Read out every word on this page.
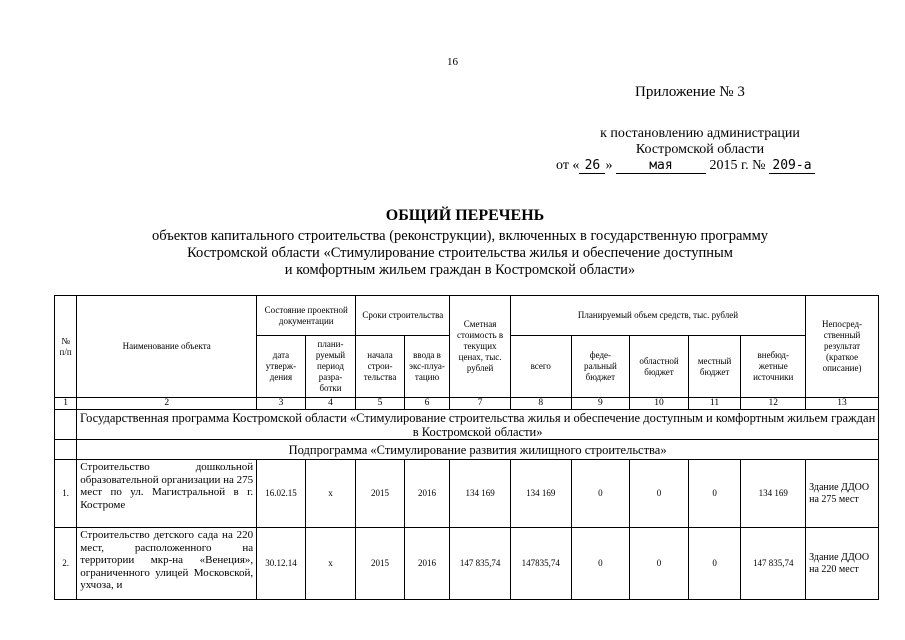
16
Приложение № 3
к постановлению администрации
Костромской области
от « 26 »	мая	2015 г. № 209-а
ОБЩИЙ ПЕРЕЧЕНЬ
объектов капитального строительства (реконструкции), включенных в государственную программу
Костромской области «Стимулирование строительства жилья и обеспечение доступным
и комфортным жильем граждан в Костромской области»
№ п/п	Наименование объекта	Состояние проектной документации		Сроки строительства		Сметная стоимость в текущих ценах, тыс. рублей	Планируемый объем средств, тыс. рублей					Непосред-ственный результат (краткое описание)
		дата утверж-дения	плани-руемый период разра-ботки	начала строи-тельства	ввода в экс-плуа-тацию		всего	феде-ральный бюджет	областной бюджет	местный бюджет	внебюд-жетные источники	
1	2	3	4	5	6	7	8	9	10	11	12	13
	Государственная программа Костромской области «Стимулирование строительства жилья и обеспечение доступным и комфортным жильем граждан в Костромской области»											
	Подпрограмма «Стимулирование развития жилищного строительства»											
1.	Строительство дошкольной образовательной организации на 275 мест по ул. Магистральной в г. Костроме	16.02.15	х	2015	2016	134 169	134 169	0	0	0	134 169	Здание ДДОО на 275 мест
2.	Строительство детского сада на 220 мест, расположенного на территории мкр-на «Венеция», ограниченного улицей Московской, ухчоза, и	30.12.14	х	2015	2016	147 835,74	147835,74	0	0	0	147 835,74	Здание ДДОО на 220 мест
